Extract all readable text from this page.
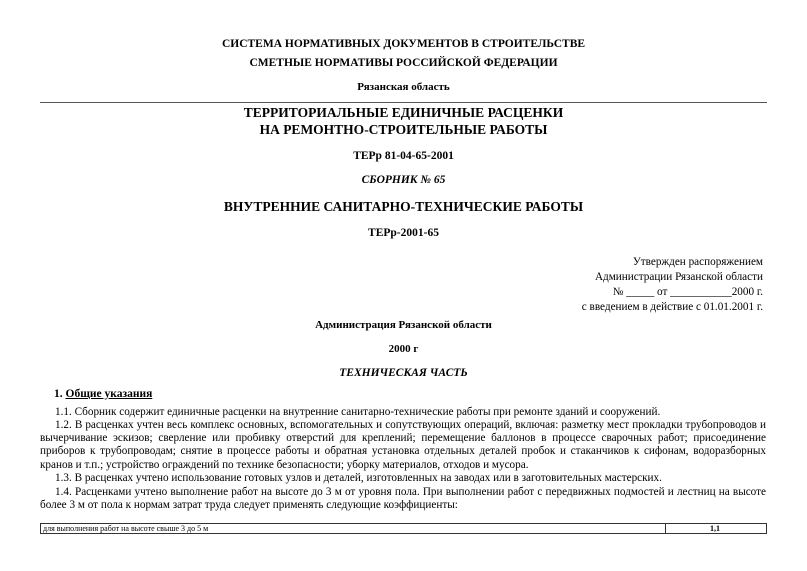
СИСТЕМА НОРМАТИВНЫХ ДОКУМЕНТОВ В СТРОИТЕЛЬСТВЕ
СМЕТНЫЕ НОРМАТИВЫ РОССИЙСКОЙ ФЕДЕРАЦИИ
Рязанская область
ТЕРРИТОРИАЛЬНЫЕ ЕДИНИЧНЫЕ РАСЦЕНКИ
НА РЕМОНТНО-СТРОИТЕЛЬНЫЕ РАБОТЫ
ТЕРр 81-04-65-2001
СБОРНИК № 65
ВНУТРЕННИЕ САНИТАРНО-ТЕХНИЧЕСКИЕ РАБОТЫ
ТЕРр-2001-65
Утвержден распоряжением
Администрации Рязанской области
№ _____ от ___________2000 г.
с введением в действие с 01.01.2001 г.
Администрация Рязанской области
2000 г
ТЕХНИЧЕСКАЯ ЧАСТЬ
1. Общие указания
1.1. Сборник содержит единичные расценки на внутренние санитарно-технические работы при ремонте зданий и сооружений.
1.2. В расценках учтен весь комплекс основных, вспомогательных и сопутствующих операций, включая: разметку мест прокладки трубопроводов и вычерчивание эскизов; сверление или пробивку отверстий для креплений; перемещение баллонов в процессе сварочных работ; присоединение приборов к трубопроводам; снятие в процессе работы и обратная установка отдельных деталей пробок и стаканчиков к сифонам, водоразборных кранов и т.п.; устройство ограждений по технике безопасности; уборку материалов, отходов и мусора.
1.3. В расценках учтено использование готовых узлов и деталей, изготовленных на заводах или в заготовительных мастерских.
1.4. Расценками учтено выполнение работ на высоте до 3 м от уровня пола. При выполнении работ с передвижных подмостей и лестниц на высоте более 3 м от пола к нормам затрат труда следует применять следующие коэффициенты:
для выполнения работ на высоте свыше 3 до 5 м	1,1
